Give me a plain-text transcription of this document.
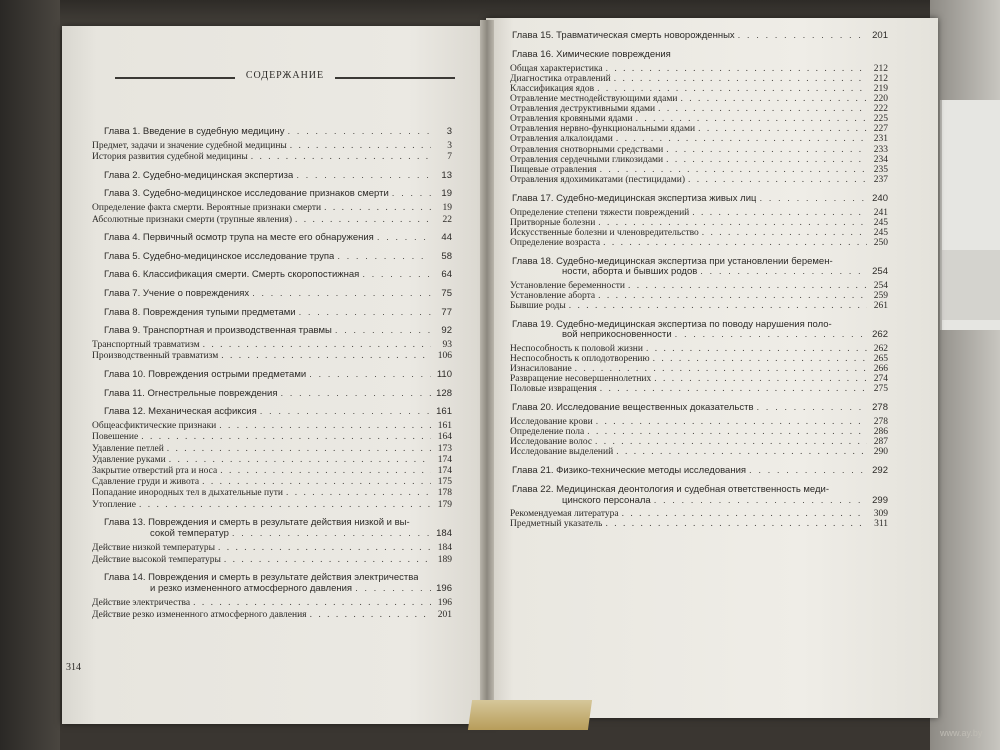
СОДЕРЖАНИЕ
Глава 1. Введение в судебную медицину . . .	3
Предмет, задачи и значение судебной медицины . . .	3
История развития судебной медицины . . .	7
Глава 2. Судебно-медицинская экспертиза . . .	13
Глава 3. Судебно-медицинское исследование признаков смерти . . .	19
Определение факта смерти. Вероятные признаки смерти . . .	19
Абсолютные признаки смерти (трупные явления) . . .	22
Глава 4. Первичный осмотр трупа на месте его обнаружения . . .	44
Глава 5. Судебно-медицинское исследование трупа . . .	58
Глава 6. Классификация смерти. Смерть скоропостижная . . .	64
Глава 7. Учение о повреждениях . . .	75
Глава 8. Повреждения тупыми предметами . . .	77
Глава 9. Транспортная и производственная травмы . . .	92
Транспортный травматизм . . .	93
Производственный травматизм . . .	106
Глава 10. Повреждения острыми предметами . . .	110
Глава 11. Огнестрельные повреждения . . .	128
Глава 12. Механическая асфиксия . . .	161
Общеасфиктические признаки . . .	161
Повешение . . .	164
Удавление петлей . . .	173
Удавление руками . . .	174
Закрытие отверстий рта и носа . . .	174
Сдавление груди и живота . . .	175
Попадание инородных тел в дыхательные пути . . .	178
Утопление . . .	179
Глава 13. Повреждения и смерть в результате действия низкой и вы-
сокой температур . . .	184
Действие низкой температуры . . .	184
Действие высокой температуры . . .	189
Глава 14. Повреждения и смерть в результате действия электричества
и резко измененного атмосферного давления . . .	196
Действие электричества . . .	196
Действие резко измененного атмосферного давления . . .	201
Глава 15. Травматическая смерть новорожденных . . .	201
Глава 16. Химические повреждения
Общая характеристика . . .	212
Диагностика отравлений . . .	212
Классификация ядов . . .	219
Отравление местнодействующими ядами . . .	220
Отравления деструктивными ядами . . .	222
Отравления кровяными ядами . . .	225
Отравления нервно-функциональными ядами . . .	227
Отравления алкалоидами . . .	231
Отравления снотворными средствами . . .	233
Отравления сердечными гликозидами . . .	234
Пищевые отравления . . .	235
Отравления ядохимикатами (пестицидами) . . .	237
Глава 17. Судебно-медицинская экспертиза живых лиц . . .	240
Определение степени тяжести повреждений . . .	241
Притворные болезни . . .	245
Искусственные болезни и членовредительство . . .	245
Определение возраста . . .	250
Глава 18. Судебно-медицинская экспертиза при установлении беремен-
ности, аборта и бывших родов . . .	254
Установление беременности . . .	254
Установление аборта . . .	259
Бывшие роды . . .	261
Глава 19. Судебно-медицинская экспертиза по поводу нарушения поло-
вой неприкосновенности . . .	262
Неспособность к половой жизни . . .	262
Неспособность к оплодотворению . . .	265
Изнасилование . . .	266
Развращение несовершеннолетних . . .	274
Половые извращения . . .	275
Глава 20. Исследование вещественных доказательств . . .	278
Исследование крови . . .	278
Определение пола . . .	286
Исследование волос . . .	287
Исследование выделений . . .	290
Глава 21. Физико-технические методы исследования . . .	292
Глава 22. Медицинская деонтология и судебная ответственность меди-
цинского персонала . . .	299
Рекомендуемая литература . . .	309
Предметный указатель . . .	311
314
www.ay.by
